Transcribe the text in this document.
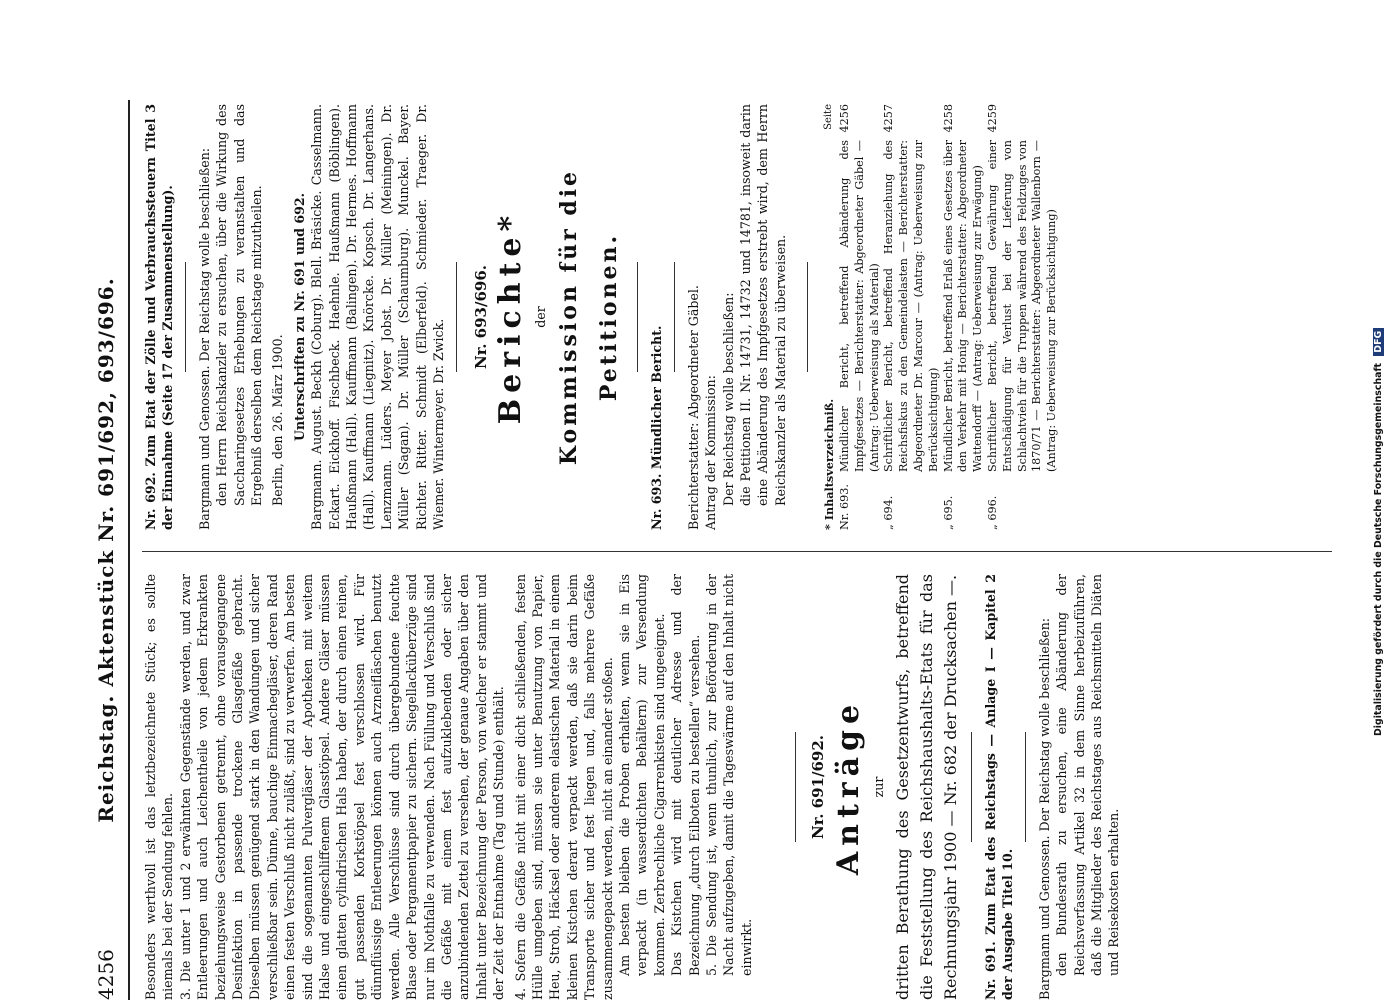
4256
Reichstag. Aktenstück Nr. 691/692, 693/696. Besonders werthvoll ist das letztbezeichnete Stück; es sollte niemals bei der Sendung fehlen. 3. Die unter 1 und 2 erwähnten Gegenstände werden, und zwar Entleerungen und auch Leichentheile von jedem Erkrankten beziehungsweise Gestorbenen getrennt, ohne vorausgegangene Desinfektion in passende trockene Glasgefäße gebracht. Dieselben müssen genügend stark in den Wandungen und sicher verschließbar sein. Dünne, bauchige Einmachegläser, deren Rand einen festen Verschluß nicht zuläßt, sind zu verwerfen. Am besten sind die sogenannten Pulvergläser der Apotheken mit weitem Halse und eingeschliffenem Glasstöpsel. Andere Gläser müssen einen glatten cylindrischen Hals haben, der durch einen reinen, gut passenden Korkstöpsel fest verschlossen wird. Für dünnflüssige Entleerungen können auch Arzneifläschen benutzt werden. Alle Verschlüsse sind durch übergebundene feuchte Blase oder Pergamentpapier zu sichern. Siegellacküberzüge sind nur im Nothfalle zu verwenden. Nach Füllung und Verschluß sind die Gefäße mit einem fest aufzuklebenden oder sicher anzubindenden Zettel zu versehen, der genaue Angaben über den Inhalt unter Bezeichnung der Person, von welcher er stammt und der Zeit der Entnahme (Tag und Stunde) enthält. 4. Sofern die Gefäße nicht mit einer dicht schließenden, festen Hülle umgeben sind, müssen sie unter Benutzung von Papier, Heu, Stroh, Häcksel oder anderem elastischen Material in einem kleinen Kistchen derart verpackt werden, daß sie darin beim Transporte sicher und fest liegen und, falls mehrere Gefäße zusammengepackt werden, nicht an einander stoßen. Am besten bleiben die Proben erhalten, wenn sie in Eis verpackt (in wasserdichten Behältern) zur Versendung kommen. Zerbrechliche Cigarrenkisten sind ungeeignet. Das Kistchen wird mit deutlicher Adresse und der Bezeichnung „durch Eilboten zu bestellen“ versehen. 5. Die Sendung ist, wenn thunlich, zur Beförderung in der Nacht aufzugeben, damit die Tageswärme auf den Inhalt nicht einwirkt.

Nr. 691/692. Anträge zur dritten Berathung des Gesetzentwurfs, betreffend die Feststellung des Reichshaushalts-Etats für das Rechnungsjahr 1900 — Nr. 682 der Drucksachen —. Nr. 691. Zum Etat des Reichstags — Anlage I — Kapitel 2 der Ausgabe Titel 10. Bargmann und Genossen. Der Reichstag wolle beschließen: den Bundesrath zu ersuchen, eine Abänderung der Reichsverfassung Artikel 32 in dem Sinne herbeizuführen, daß die Mitglieder des Reichstages aus Reichsmitteln Diäten und Reisekosten erhalten.

Nr. 692. Zum Etat der Zölle und Verbrauchssteuern Titel 3 der Einnahme (Seite 17 der Zusammenstellung). Bargmann und Genossen. Der Reichstag wolle beschließen: den Herrn Reichskanzler zu ersuchen, über die Wirkung des Saccharingesetzes Erhebungen zu veranstalten und das Ergebniß derselben dem Reichstage mitzutheilen. Berlin, den 26. März 1900. Unterschriften zu Nr. 691 und 692. Bargmann. August. Beckh (Coburg). Blell. Bräsicke. Casselmann. Eckart. Eickhoff. Fischbeck. Haehnle. Haußmann (Böblingen). Haußmann (Hall). Kauffmann (Balingen). Dr. Hermes. Hoffmann (Hall). Kauffmann (Liegnitz). Knörcke. Kopsch. Dr. Langerhans. Lenzmann. Lüders. Meyer Jobst. Dr. Müller (Meiningen). Dr. Müller (Sagan). Dr. Müller (Schaumburg). Munckel. Bayer. Richter. Ritter. Schmidt (Elberfeld). Schmieder. Traeger. Dr. Wiemer. Wintermeyer. Dr. Zwick.

Nr. 693/696. Berichte* der Kommission für die Petitionen.

Nr. 693. Mündlicher Bericht. Berichterstatter: Abgeordneter Gäbel. Antrag der Kommission: Der Reichstag wolle beschließen: die Petitionen II. Nr. 14731, 14732 und 14781, insoweit darin eine Abänderung des Impfgesetzes erstrebt wird, dem Herrn Reichskanzler als Material zu überweisen.	* Inhaltsverzeichniß.
Seite
Nr. 693.
Mündlicher Bericht, betreffend Abänderung des Impfgesetzes — Berichterstatter: Abgeordneter Gäbel — (Antrag: Ueberweisung als Material)
4256
„ 694.
Schriftlicher Bericht, betreffend Heranziehung des Reichsfiskus zu den Gemeindelasten — Berichterstatter: Abgeordneter Dr. Marcour — (Antrag: Ueberweisung zur Berücksichtigung)
4257
„ 695.
Mündlicher Bericht, betreffend Erlaß eines Gesetzes über den Verkehr mit Honig — Berichterstatter: Abgeordneter Wattendorff — (Antrag: Ueberweisung zur Erwägung)
4258
„ 696.
Schriftlicher Bericht, betreffend Gewährung einer Entschädigung für Verlust bei der Lieferung von Schlachtvieh für die Truppen während des Feldzuges von 1870/71 — Berichterstatter: Abgeordneter Wallenborn — (Antrag: Ueberweisung zur Berücksichtigung)
4259
Digitalisierung gefördert durch die Deutsche Forschungsgemeinschaft DFG
